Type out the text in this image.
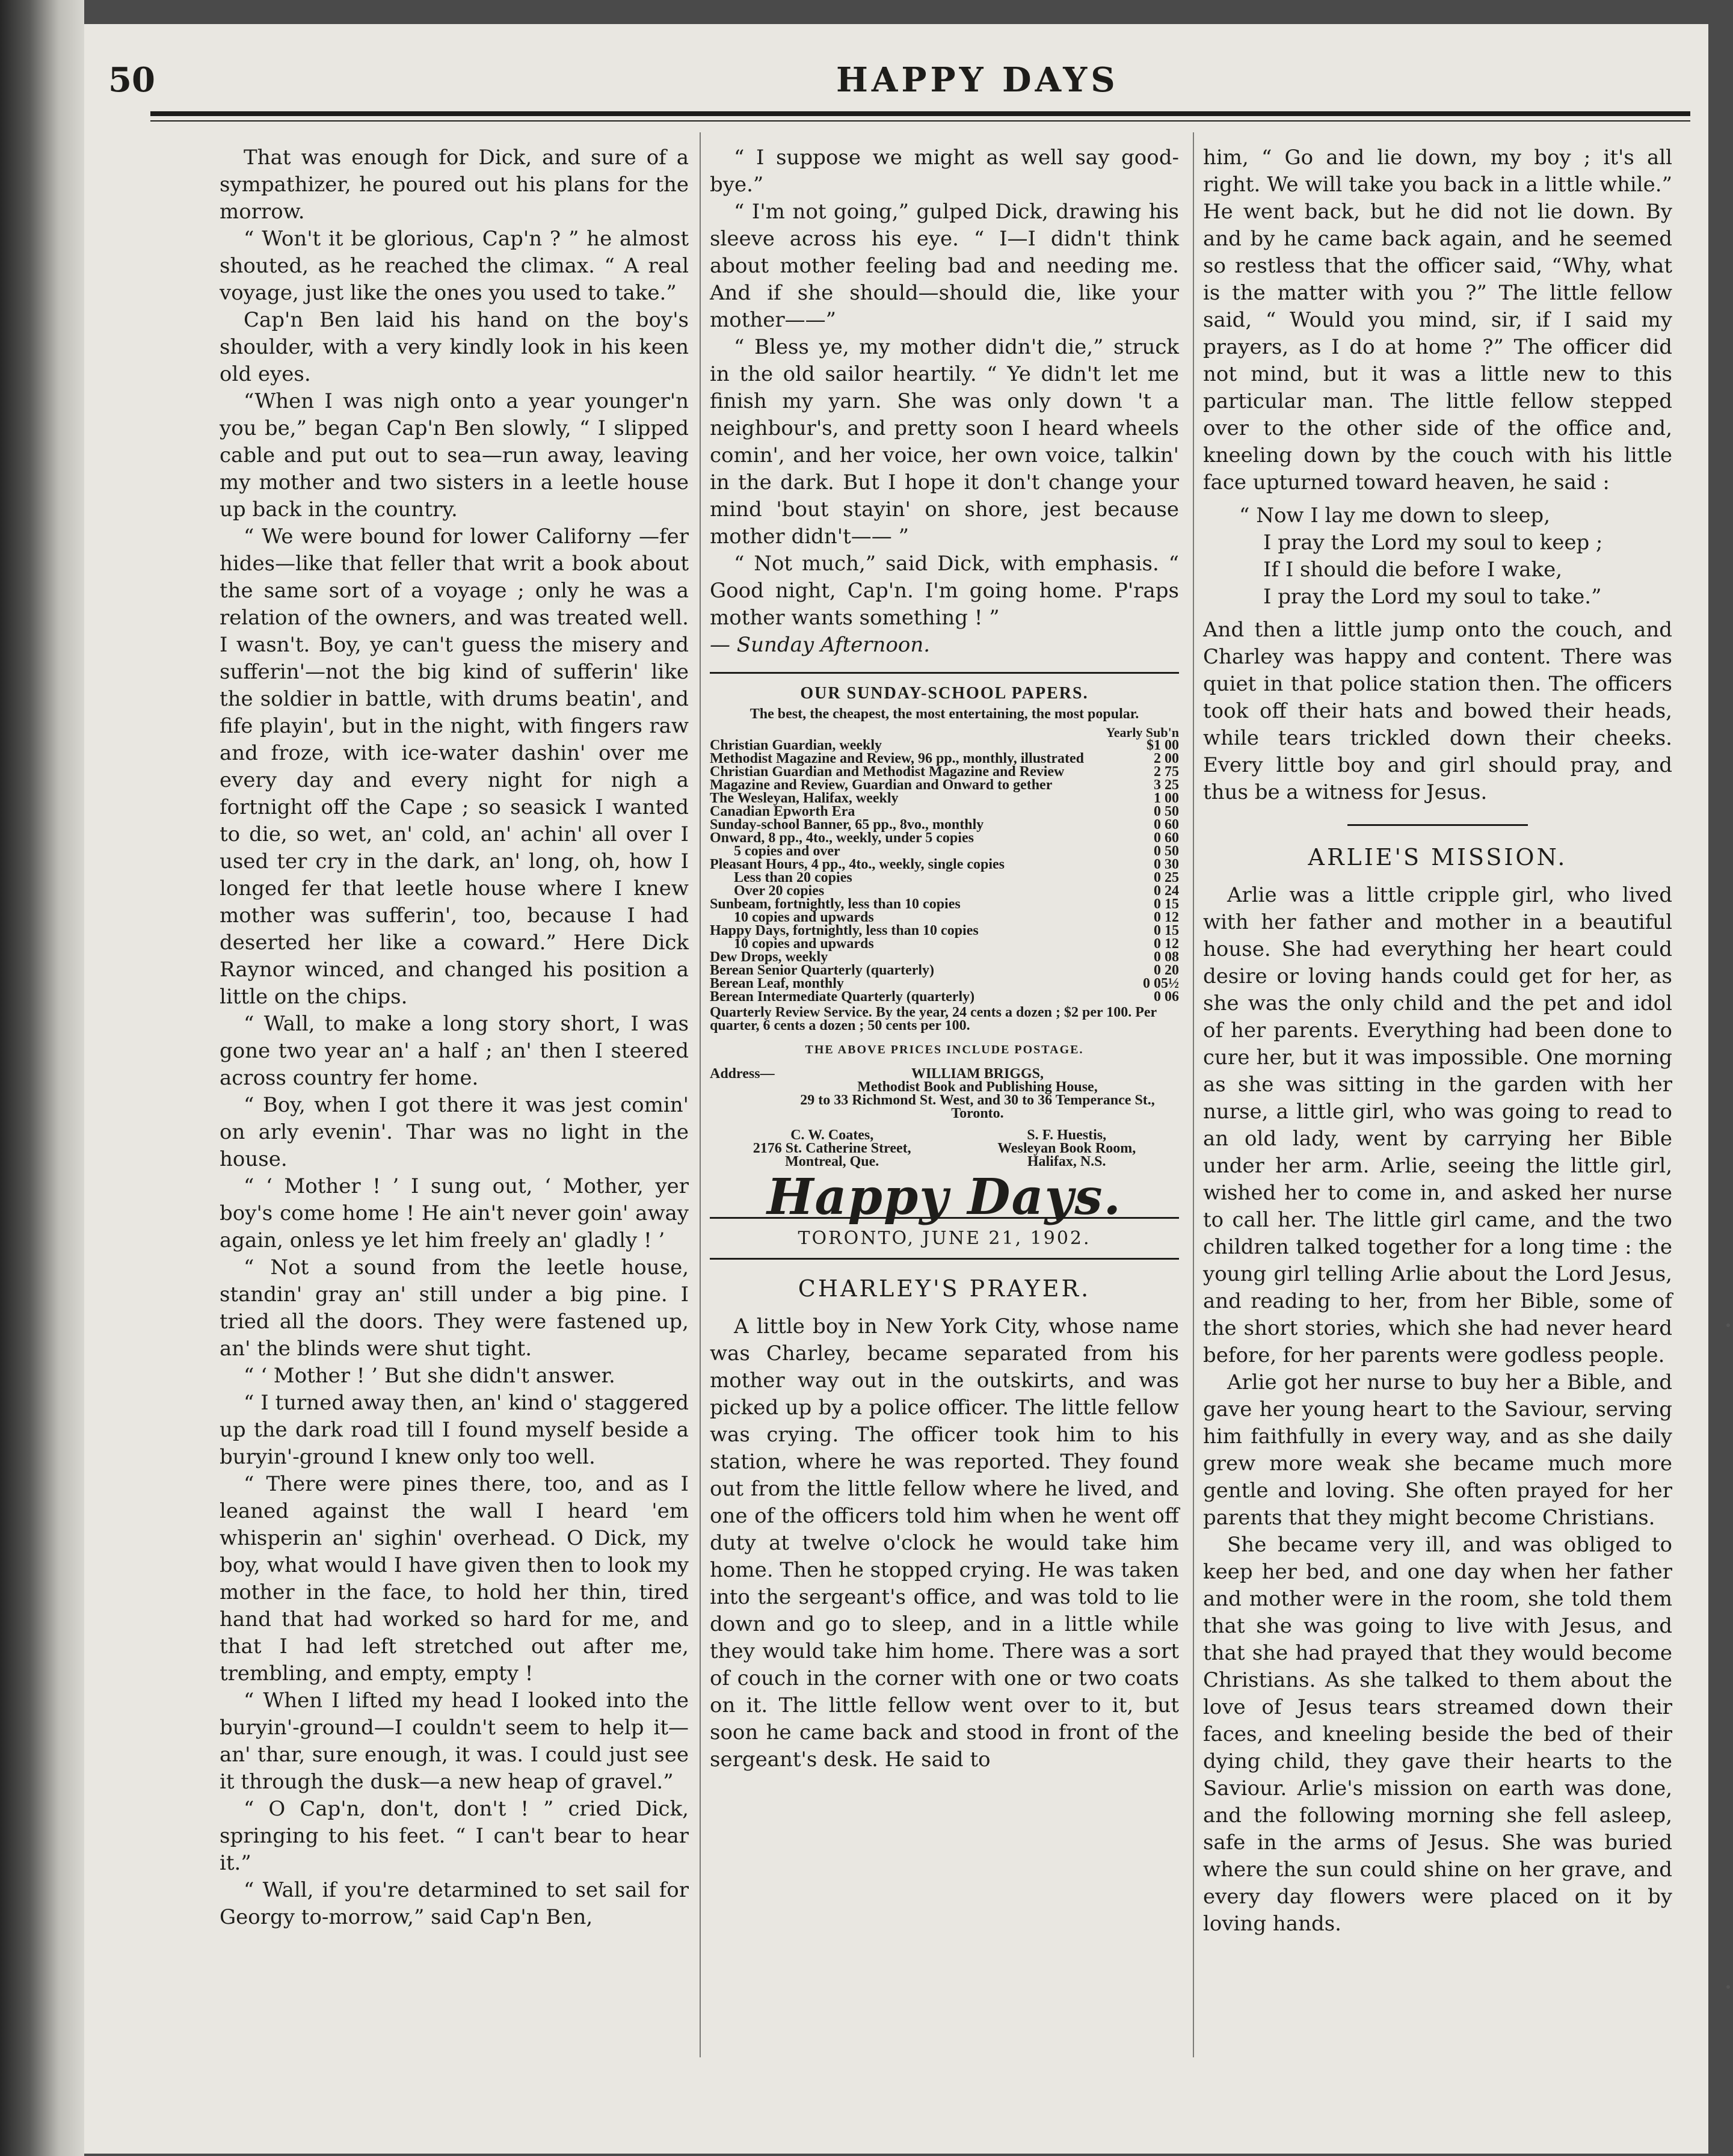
50	HAPPY DAYS

That was enough for Dick, and sure of a sympathizer, he poured out his plans for the morrow.

“ Won't it be glorious, Cap'n ? ” he almost shouted, as he reached the climax. “ A real voyage, just like the ones you used to take.”

Cap'n Ben laid his hand on the boy's shoulder, with a very kindly look in his keen old eyes.

“When I was nigh onto a year younger'n you be,” began Cap'n Ben slowly, “ I slipped cable and put out to sea—run away, leaving my mother and two sisters in a leetle house up back in the country.

“ We were bound for lower Californy —fer hides—like that feller that writ a book about the same sort of a voyage ; only he was a relation of the owners, and was treated well. I wasn't. Boy, ye can't guess the misery and sufferin'—not the big kind of sufferin' like the soldier in battle, with drums beatin', and fife playin', but in the night, with fingers raw and froze, with ice-water dashin' over me every day and every night for nigh a fortnight off the Cape ; so seasick I wanted to die, so wet, an' cold, an' achin' all over I used ter cry in the dark, an' long, oh, how I longed fer that leetle house where I knew mother was sufferin', too, because I had deserted her like a coward.” Here Dick Raynor winced, and changed his position a little on the chips.

“ Wall, to make a long story short, I was gone two year an' a half ; an' then I steered across country fer home.

“ Boy, when I got there it was jest comin' on arly evenin'. Thar was no light in the house.

“ ‘ Mother ! ’ I sung out, ‘ Mother, yer boy's come home ! He ain't never goin' away again, onless ye let him freely an' gladly ! ’

“ Not a sound from the leetle house, standin' gray an' still under a big pine. I tried all the doors. They were fastened up, an' the blinds were shut tight.

“ ‘ Mother ! ’ But she didn't answer.

“ I turned away then, an' kind o' staggered up the dark road till I found myself beside a buryin'-ground I knew only too well.

“ There were pines there, too, and as I leaned against the wall I heard 'em whisperin an' sighin' overhead. O Dick, my boy, what would I have given then to look my mother in the face, to hold her thin, tired hand that had worked so hard for me, and that I had left stretched out after me, trembling, and empty, empty !

“ When I lifted my head I looked into the buryin'-ground—I couldn't seem to help it—an' thar, sure enough, it was. I could just see it through the dusk—a new heap of gravel.”

“ O Cap'n, don't, don't ! ” cried Dick, springing to his feet. “ I can't bear to hear it.”

“ Wall, if you're detarmined to set sail for Georgy to-morrow,” said Cap'n Ben,

“ I suppose we might as well say good-bye.”

“ I'm not going,” gulped Dick, drawing his sleeve across his eye. “ I—I didn't think about mother feeling bad and needing me. And if she should—should die, like your mother——”

“ Bless ye, my mother didn't die,” struck in the old sailor heartily. “ Ye didn't let me finish my yarn. She was only down 't a neighbour's, and pretty soon I heard wheels comin', and her voice, her own voice, talkin' in the dark. But I hope it don't change your mind 'bout stayin' on shore, jest because mother didn't—— ”

“ Not much,” said Dick, with emphasis. “ Good night, Cap'n. I'm going home. P'raps mother wants something ! ”

— Sunday Afternoon.

OUR SUNDAY-SCHOOL PAPERS.
The best, the cheapest, the most entertaining, the most popular.
Yearly Sub'n
Christian Guardian, weekly	$1 00
Methodist Magazine and Review, 96 pp., monthly, illustrated	2 00
Christian Guardian and Methodist Magazine and Review	2 75
Magazine and Review, Guardian and Onward to gether	3 25
The Wesleyan, Halifax, weekly	1 00
Canadian Epworth Era	0 50
Sunday-school Banner, 65 pp., 8vo., monthly	0 60
Onward, 8 pp., 4to., weekly, under 5 copies	0 60
5 copies and over	0 50
Pleasant Hours, 4 pp., 4to., weekly, single copies	0 30
Less than 20 copies	0 25
Over 20 copies	0 24
Sunbeam, fortnightly, less than 10 copies	0 15
10 copies and upwards	0 12
Happy Days, fortnightly, less than 10 copies	0 15
10 copies and upwards	0 12
Dew Drops, weekly	0 08
Berean Senior Quarterly (quarterly)	0 20
Berean Leaf, monthly	0 05½
Berean Intermediate Quarterly (quarterly)	0 06
Quarterly Review Service. By the year, 24 cents a dozen ; $2 per 100. Per quarter, 6 cents a dozen ; 50 cents per 100.
THE ABOVE PRICES INCLUDE POSTAGE.
Address—	WILLIAM BRIGGS,
Methodist Book and Publishing House,
29 to 33 Richmond St. West, and 30 to 36 Temperance St.,
Toronto.
C. W. Coates,
2176 St. Catherine Street,
Montreal, Que.
S. F. Huestis,
Wesleyan Book Room,
Halifax, N.S.
Happy Days.
TORONTO, JUNE 21, 1902.
CHARLEY'S PRAYER.

A little boy in New York City, whose name was Charley, became separated from his mother way out in the outskirts, and was picked up by a police officer. The little fellow was crying. The officer took him to his station, where he was reported. They found out from the little fellow where he lived, and one of the officers told him when he went off duty at twelve o'clock he would take him home. Then he stopped crying. He was taken into the sergeant's office, and was told to lie down and go to sleep, and in a little while they would take him home. There was a sort of couch in the corner with one or two coats on it. The little fellow went over to it, but soon he came back and stood in front of the sergeant's desk. He said to

him, “ Go and lie down, my boy ; it's all right. We will take you back in a little while.” He went back, but he did not lie down. By and by he came back again, and he seemed so restless that the officer said, “Why, what is the matter with you ?” The little fellow said, “ Would you mind, sir, if I said my prayers, as I do at home ?” The officer did not mind, but it was a little new to this particular man. The little fellow stepped over to the other side of the office and, kneeling down by the couch with his little face upturned toward heaven, he said :

“ Now I lay me down to sleep,
I pray the Lord my soul to keep ;
If I should die before I wake,
I pray the Lord my soul to take.”

And then a little jump onto the couch, and Charley was happy and content. There was quiet in that police station then. The officers took off their hats and bowed their heads, while tears trickled down their cheeks. Every little boy and girl should pray, and thus be a witness for Jesus.

ARLIE'S MISSION.

Arlie was a little cripple girl, who lived with her father and mother in a beautiful house. She had everything her heart could desire or loving hands could get for her, as she was the only child and the pet and idol of her parents. Everything had been done to cure her, but it was impossible. One morning as she was sitting in the garden with her nurse, a little girl, who was going to read to an old lady, went by carrying her Bible under her arm. Arlie, seeing the little girl, wished her to come in, and asked her nurse to call her. The little girl came, and the two children talked together for a long time : the young girl telling Arlie about the Lord Jesus, and reading to her, from her Bible, some of the short stories, which she had never heard before, for her parents were godless people.

Arlie got her nurse to buy her a Bible, and gave her young heart to the Saviour, serving him faithfully in every way, and as she daily grew more weak she became much more gentle and loving. She often prayed for her parents that they might become Christians.

She became very ill, and was obliged to keep her bed, and one day when her father and mother were in the room, she told them that she was going to live with Jesus, and that she had prayed that they would become Christians. As she talked to them about the love of Jesus tears streamed down their faces, and kneeling beside the bed of their dying child, they gave their hearts to the Saviour. Arlie's mission on earth was done, and the following morning she fell asleep, safe in the arms of Jesus. She was buried where the sun could shine on her grave, and every day flowers were placed on it by loving hands.
